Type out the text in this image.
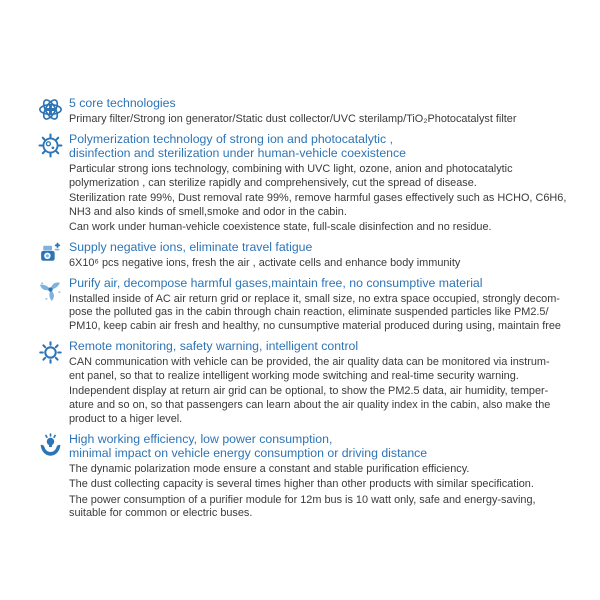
5 core technologies
Primary filter/Strong ion generator/Static dust collector/UVC sterilamp/TiO₂Photocatalyst filter
Polymerization technology of strong ion and photocatalytic ,
disinfection and sterilization under human-vehicle coexistence
Particular strong ions technology, combining with UVC light, ozone, anion and photocatalytic
polymerization , can sterilize rapidly and comprehensively, cut the spread of disease.
Sterilization rate 99%, Dust removal rate 99%, remove harmful gases effectively such as HCHO, C6H6,
NH3 and also kinds of smell,smoke and odor in the cabin.
Can work under human-vehicle coexistence state, full-scale disinfection and no residue.
Supply negative ions, eliminate travel fatigue
6X10⁶ pcs negative ions, fresh the air , activate cells and enhance body immunity
Purify air, decompose harmful gases,maintain free, no consumptive material
Installed inside of AC air return grid or replace it, small size, no extra space occupied, strongly decom-
pose the polluted gas in the cabin through chain reaction, eliminate suspended particles like PM2.5/
PM10, keep cabin air fresh and healthy, no cunsumptive material produced during using, maintain free
Remote monitoring, safety warning, intelligent control
CAN communication with vehicle can be provided, the air quality data can be monitored via instrum-
ent panel, so that to realize intelligent working mode switching and real-time security warning.
Independent display at return air grid can be optional, to show the PM2.5 data, air humidity, temper-
ature and so on, so that passengers can learn about the air quality index in the cabin, also make the
product to a higer level.
High working efficiency, low power consumption,
minimal impact on vehicle energy consumption or driving distance
The dynamic polarization mode ensure a constant and stable purification efficiency.
The dust collecting capacity is several times higher than other products with similar specification.
The power consumption of a purifier module for 12m bus is 10 watt only, safe and energy-saving,
suitable for common or electric buses.
